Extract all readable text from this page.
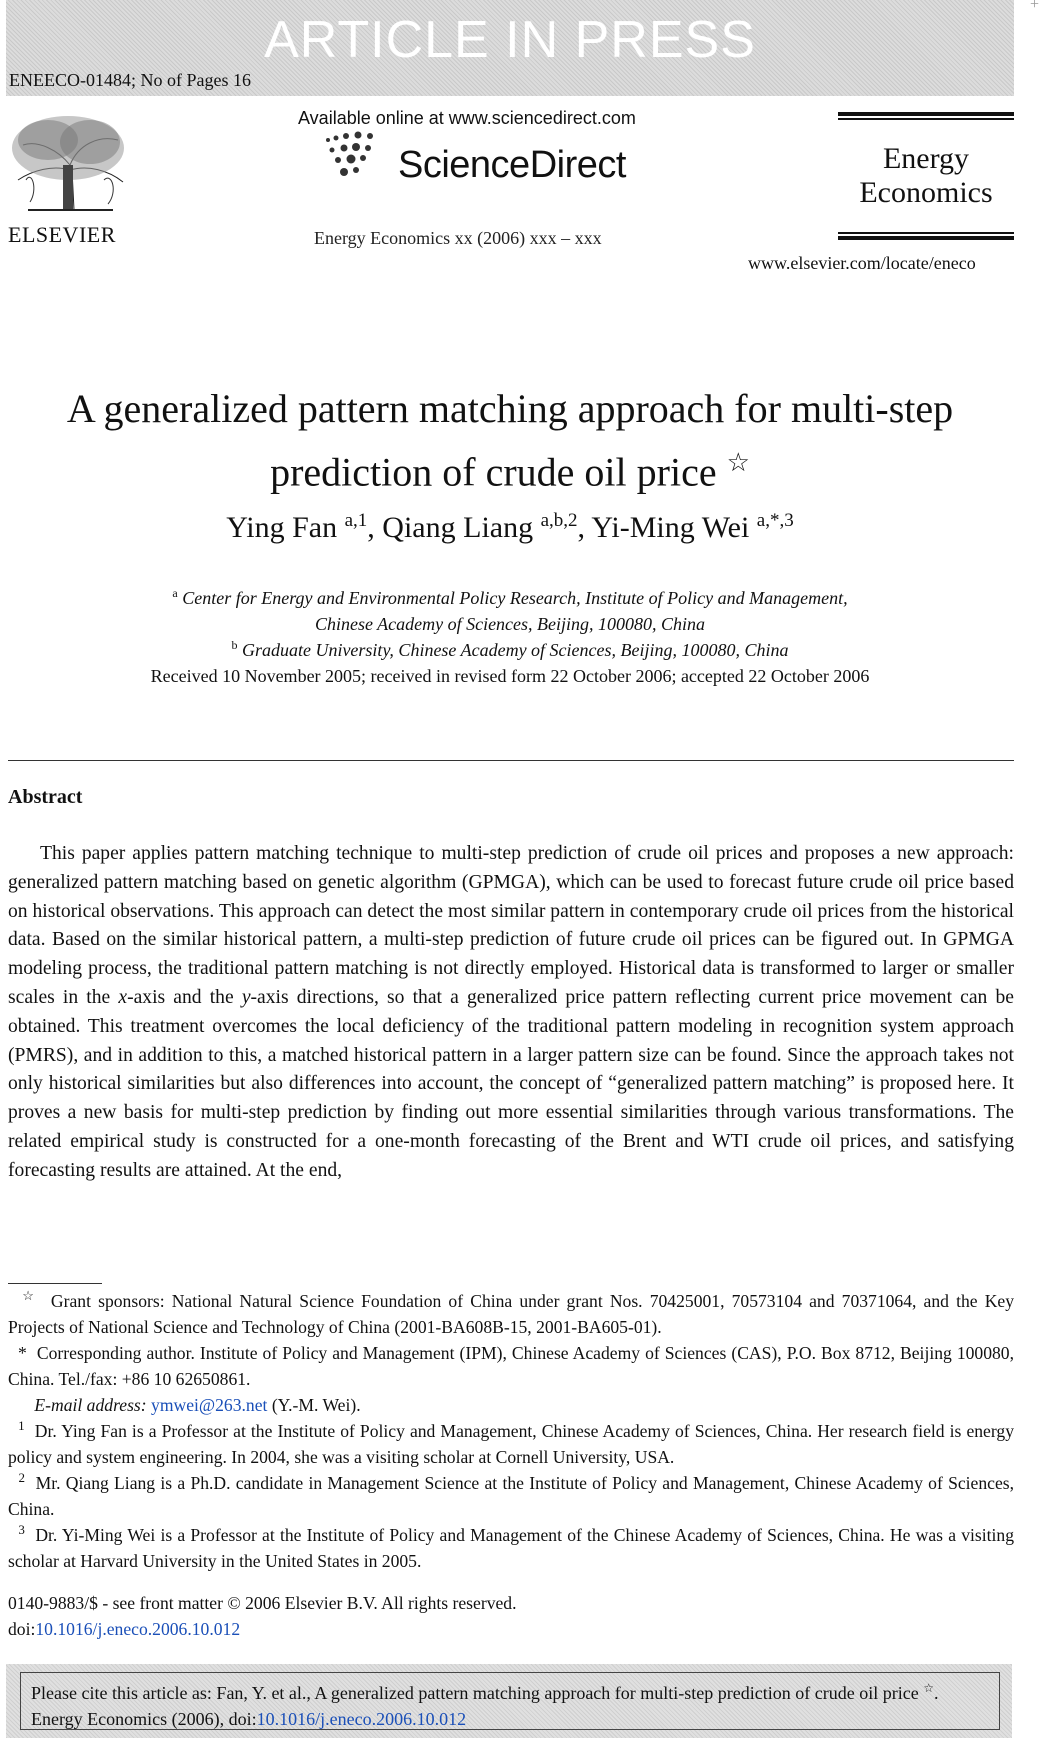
ARTICLE IN PRESS
ENEECO-01484; No of Pages 16
+
ELSEVIER
Available online at www.sciencedirect.com
ScienceDirect
Energy Economics xx (2006) xxx – xxx
Energy
Economics
www.elsevier.com/locate/eneco
A generalized pattern matching approach for multi-step
prediction of crude oil price ☆
Ying Fan $^{a,1}$, Qiang Liang $^{a,b,2}$, Yi-Ming Wei $^{a,*,3}$
$^a$ Center for Energy and Environmental Policy Research, Institute of Policy and Management,
Chinese Academy of Sciences, Beijing, 100080, China
$^b$ Graduate University, Chinese Academy of Sciences, Beijing, 100080, China
Received 10 November 2005; received in revised form 22 October 2006; accepted 22 October 2006
Abstract

This paper applies pattern matching technique to multi-step prediction of crude oil prices and proposes a new approach: generalized pattern matching based on genetic algorithm (GPMGA), which can be used to forecast future crude oil price based on historical observations. This approach can detect the most similar pattern in contemporary crude oil prices from the historical data. Based on the similar historical pattern, a multi-step prediction of future crude oil prices can be figured out. In GPMGA modeling process, the traditional pattern matching is not directly employed. Historical data is transformed to larger or smaller scales in the x-axis and the y-axis directions, so that a generalized price pattern reflecting current price movement can be obtained. This treatment overcomes the local deficiency of the traditional pattern modeling in recognition system approach (PMRS), and in addition to this, a matched historical pattern in a larger pattern size can be found. Since the approach takes not only historical similarities but also differences into account, the concept of “generalized pattern matching” is proposed here. It proves a new basis for multi-step prediction by finding out more essential similarities through various transformations. The related empirical study is constructed for a one-month forecasting of the Brent and WTI crude oil prices, and satisfying forecasting results are attained. At the end,

☆ Grant sponsors: National Natural Science Foundation of China under grant Nos. 70425001, 70573104 and 70371064, and the Key Projects of National Science and Technology of China (2001-BA608B-15, 2001-BA605-01).

* Corresponding author. Institute of Policy and Management (IPM), Chinese Academy of Sciences (CAS), P.O. Box 8712, Beijing 100080, China. Tel./fax: +86 10 62650861.

E-mail address: ymwei@263.net (Y.-M. Wei).

$^1$ Dr. Ying Fan is a Professor at the Institute of Policy and Management, Chinese Academy of Sciences, China. Her research field is energy policy and system engineering. In 2004, she was a visiting scholar at Cornell University, USA.

$^2$ Mr. Qiang Liang is a Ph.D. candidate in Management Science at the Institute of Policy and Management, Chinese Academy of Sciences, China.

$^3$ Dr. Yi-Ming Wei is a Professor at the Institute of Policy and Management of the Chinese Academy of Sciences, China. He was a visiting scholar at Harvard University in the United States in 2005.

0140-9883/$ - see front matter © 2006 Elsevier B.V. All rights reserved.
doi:10.1016/j.eneco.2006.10.012
Please cite this article as: Fan, Y. et al., A generalized pattern matching approach for multi-step prediction of crude oil price ☆. Energy Economics (2006), doi:10.1016/j.eneco.2006.10.012
